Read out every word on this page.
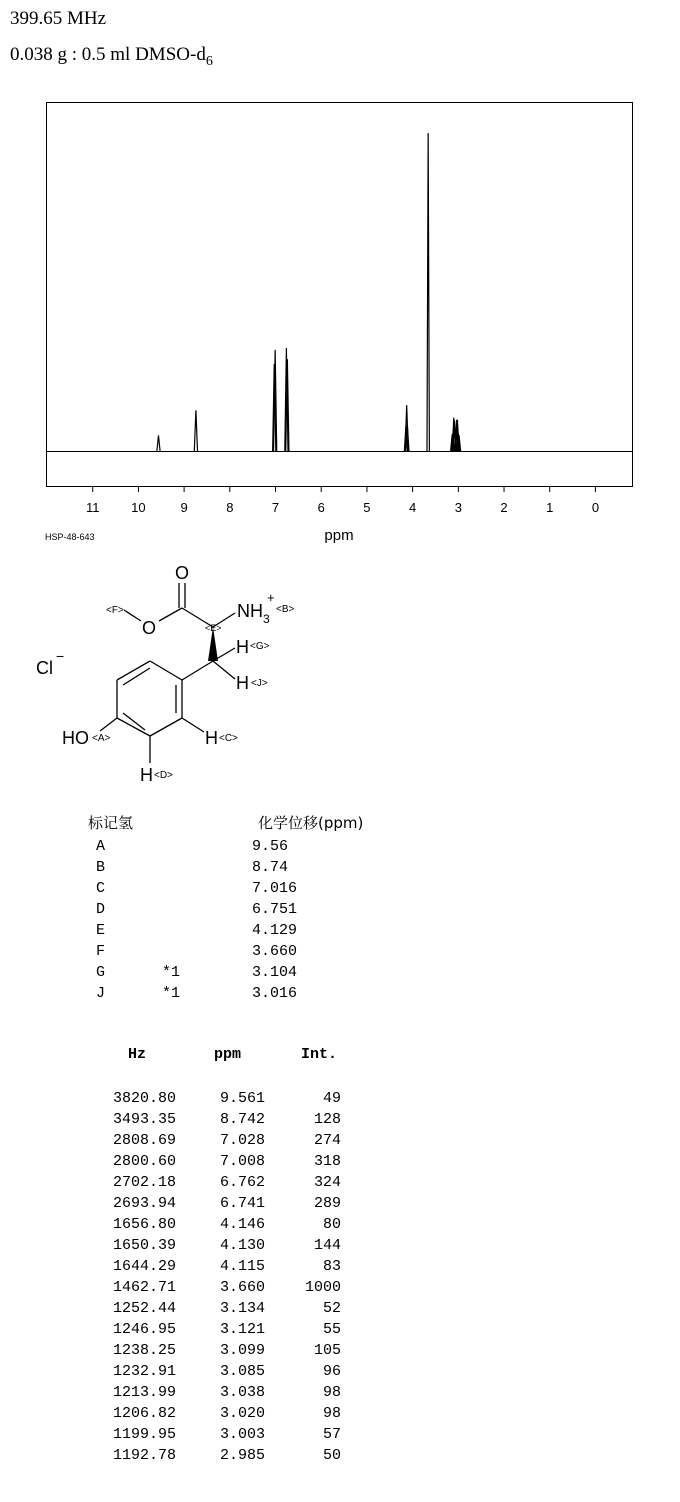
399.65 MHz
0.038 g : 0.5 ml DMSO-$d_6$
11 10	9	8	7	6	5	4	3	2	1	0
ppm
HSP-48-643
O
O
<F>
<E>
$NH_3$
+
<B>
H <G>
H <J>
Cl
−
HO <A>	H <C>
H <D>
标记氢	化学位移(ppm)
A	9.56
B	8.74
C	7.016
D	6.751
E	4.129
F	3.660
G	*1	3.104
J	*1	3.016
Hz	ppm	Int.
3820.80	9.561	49
3493.35	8.742	128
2808.69	7.028	274
2800.60	7.008	318
2702.18	6.762	324
2693.94	6.741	289
1656.80	4.146	80
1650.39	4.130	144
1644.29	4.115	83
1462.71	3.660	1000
1252.44	3.134	52
1246.95	3.121	55
1238.25	3.099	105
1232.91	3.085	96
1213.99	3.038	98
1206.82	3.020	98
1199.95	3.003	57
1192.78	2.985	50
